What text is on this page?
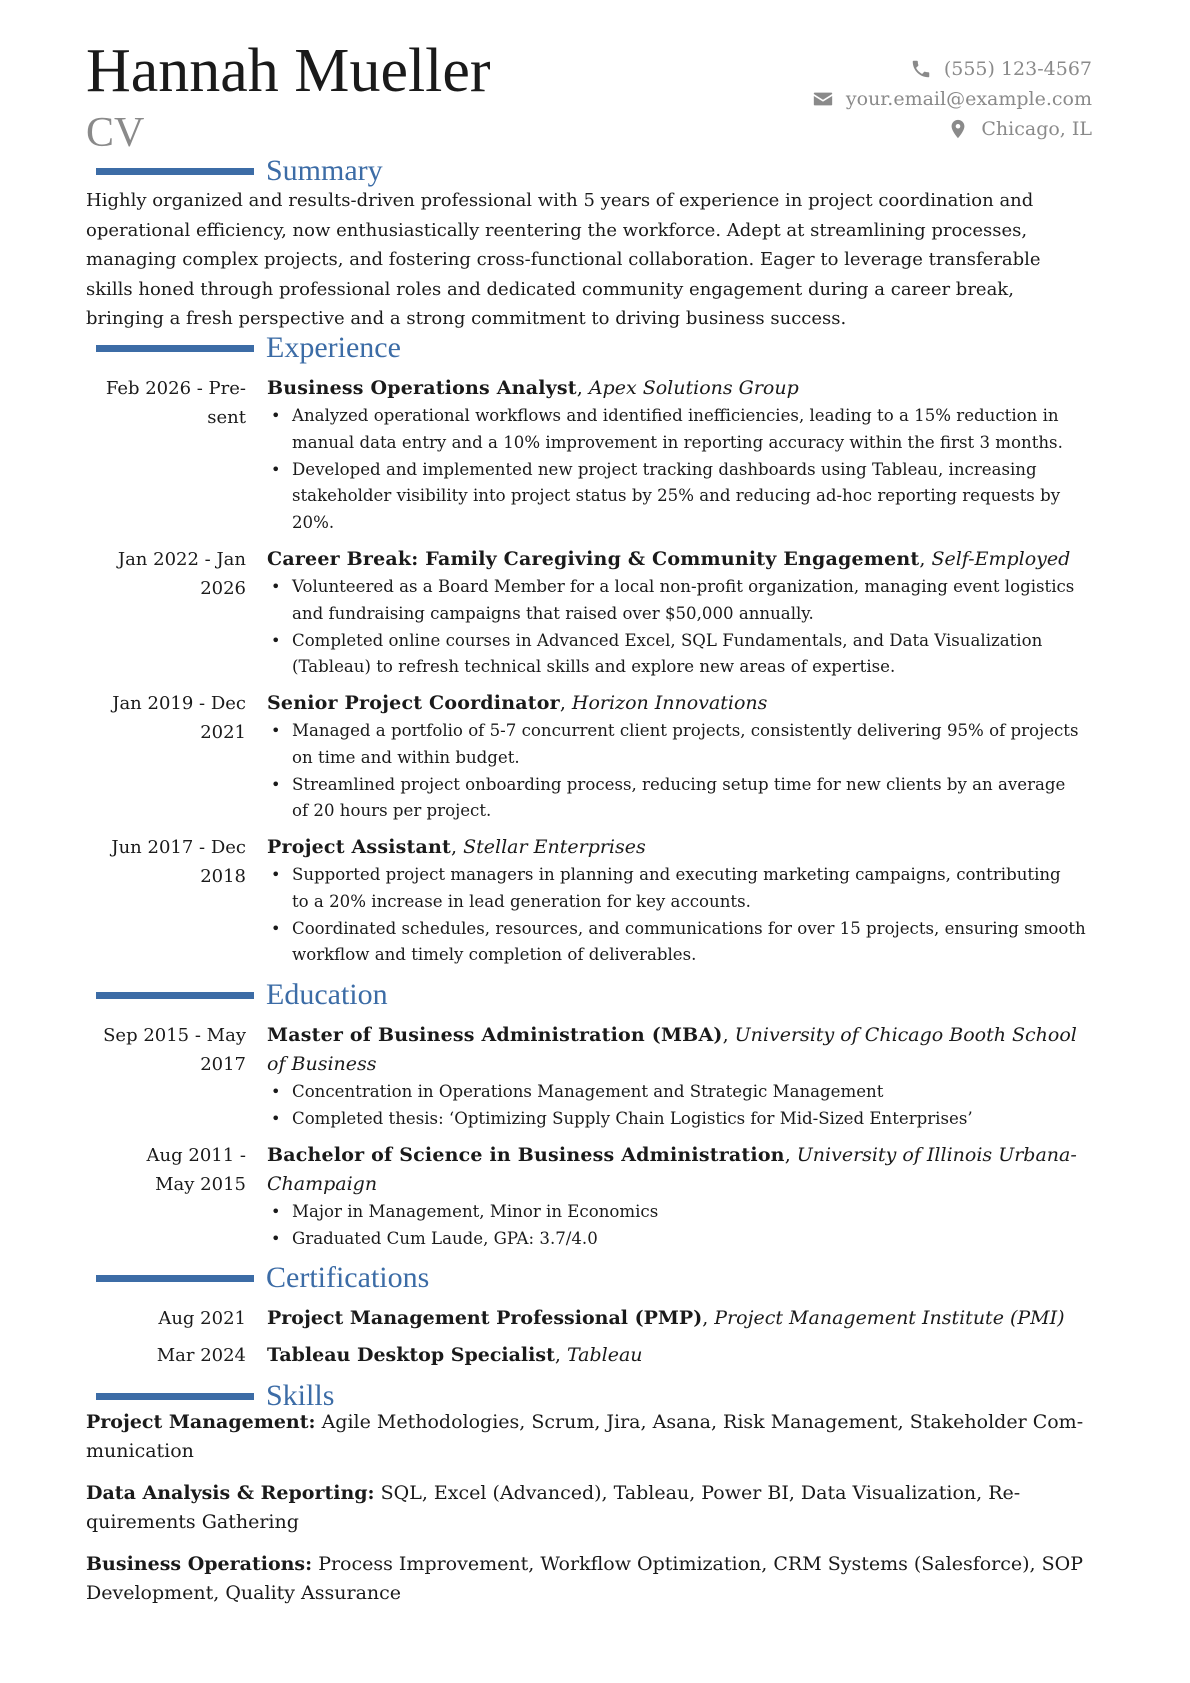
Hannah Mueller
CV
(555) 123-4567
your.email@example.com
Chicago, IL
Summary
Highly organized and results-driven professional with 5 years of experience in project coordination and
operational efficiency, now enthusiastically reentering the workforce. Adept at streamlining processes,
managing complex projects, and fostering cross-functional collaboration. Eager to leverage transferable
skills honed through professional roles and dedicated community engagement during a career break,
bringing a fresh perspective and a strong commitment to driving business success.
Experience
Feb 2026 - Pre-
sent
Business Operations Analyst, Apex Solutions Group
• Analyzed operational workflows and identified inefficiencies, leading to a 15% reduction in
manual data entry and a 10% improvement in reporting accuracy within the first 3 months.
• Developed and implemented new project tracking dashboards using Tableau, increasing
stakeholder visibility into project status by 25% and reducing ad-hoc reporting requests by
20%.
Jan 2022 - Jan
2026
Career Break: Family Caregiving & Community Engagement, Self-Employed
• Volunteered as a Board Member for a local non-profit organization, managing event logistics
and fundraising campaigns that raised over $50,000 annually.
• Completed online courses in Advanced Excel, SQL Fundamentals, and Data Visualization
(Tableau) to refresh technical skills and explore new areas of expertise.
Jan 2019 - Dec
2021
Senior Project Coordinator, Horizon Innovations
• Managed a portfolio of 5-7 concurrent client projects, consistently delivering 95% of projects
on time and within budget.
• Streamlined project onboarding process, reducing setup time for new clients by an average
of 20 hours per project.
Jun 2017 - Dec
2018
Project Assistant, Stellar Enterprises
• Supported project managers in planning and executing marketing campaigns, contributing
to a 20% increase in lead generation for key accounts.
• Coordinated schedules, resources, and communications for over 15 projects, ensuring smooth
workflow and timely completion of deliverables.
Education
Sep 2015 - May
2017
Master of Business Administration (MBA), University of Chicago Booth School
of Business
• Concentration in Operations Management and Strategic Management
• Completed thesis: ‘Optimizing Supply Chain Logistics for Mid-Sized Enterprises’
Aug 2011 -
May 2015
Bachelor of Science in Business Administration, University of Illinois Urbana-
Champaign
• Major in Management, Minor in Economics
• Graduated Cum Laude, GPA: 3.7/4.0
Certifications
Aug 2021 Project Management Professional (PMP), Project Management Institute (PMI)
Mar 2024 Tableau Desktop Specialist, Tableau
Skills
Project Management: Agile Methodologies, Scrum, Jira, Asana, Risk Management, Stakeholder Com-
munication
Data Analysis & Reporting: SQL, Excel (Advanced), Tableau, Power BI, Data Visualization, Re-
quirements Gathering
Business Operations: Process Improvement, Workflow Optimization, CRM Systems (Salesforce), SOP
Development, Quality Assurance
